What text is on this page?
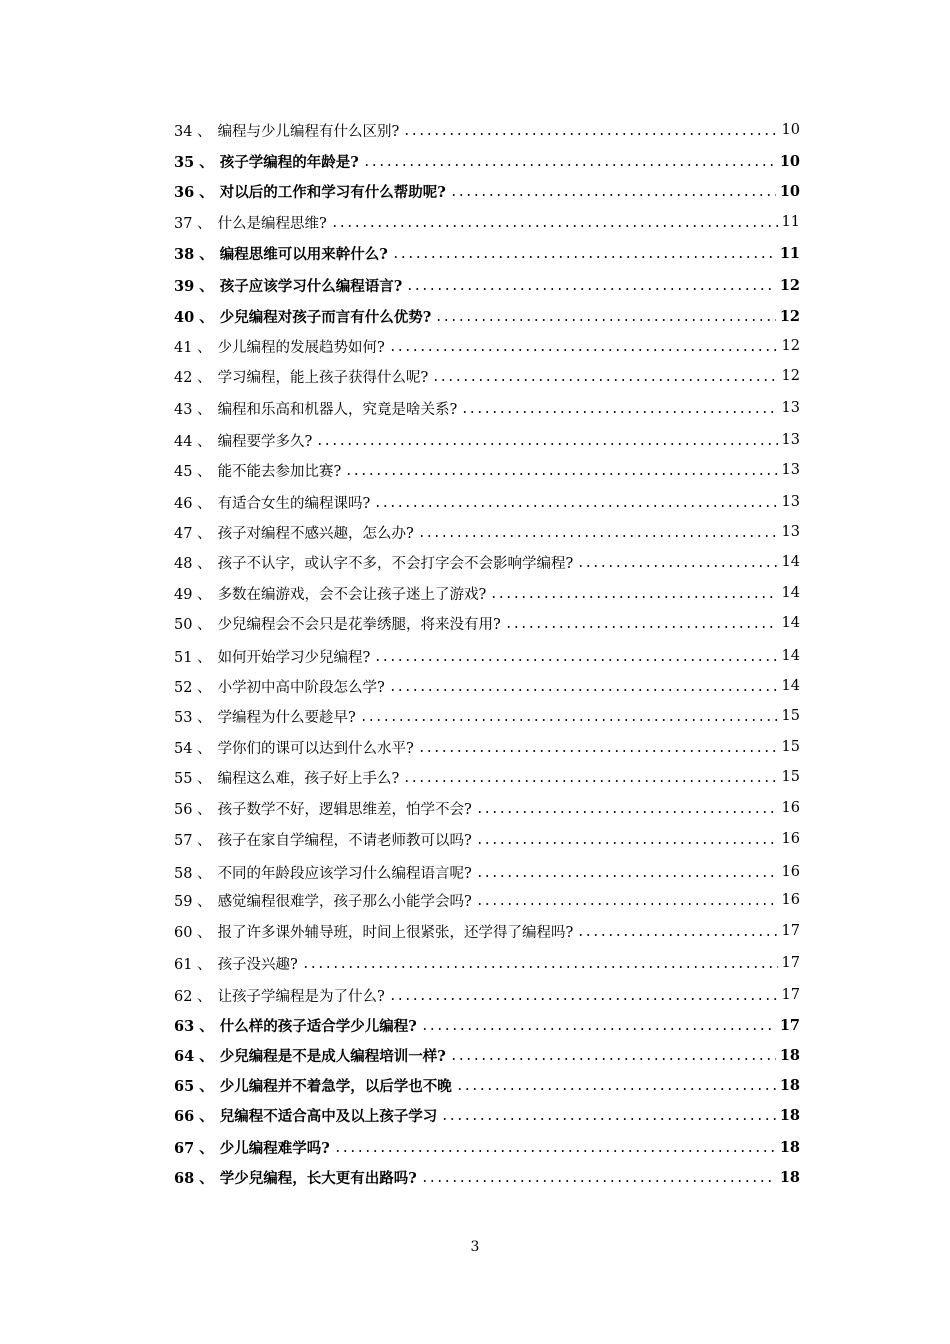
34 、 编程与少儿编程有什么区别?	10
35 、 孩子学编程的年龄是?	10
36 、 对以后的工作和学习有什么帮助呢?	10
37 、 什么是编程思维?	11
38 、 编程思维可以用来幹什么?	11
39 、 孩子应该学习什么编程语言?	12
40 、 少兒编程对孩子而言有什么优势?	12
41 、 少儿编程的发展趋势如何?	12
42 、 学习编程，能上孩子获得什么呢?	12
43 、 编程和乐高和机器人，究竟是啥关系?	13
44 、 编程要学多久?	13
45 、 能不能去参加比赛?	13
46 、 有适合女生的编程课吗?	13
47 、 孩子对编程不感兴趣，怎么办?	13
48 、 孩子不认字，或认字不多，不会打字会不会影响学编程?	14
49 、 多数在编游戏，会不会让孩子迷上了游戏?	14
50 、 少兒编程会不会只是花拳绣腿，将来没有用?	14
51 、 如何开始学习少兒编程?	14
52 、 小学初中高中阶段怎么学?	14
53 、 学编程为什么要趁早?	15
54 、 学你们的课可以达到什么水平?	15
55 、 编程这么难，孩子好上手么?	15
56 、 孩子数学不好，逻辑思维差，怕学不会?	16
57 、 孩子在家自学编程，不请老师教可以吗?	16
58 、 不同的年龄段应该学习什么编程语言呢?	16
59 、 感觉编程很难学，孩子那么小能学会吗?	16
60 、 报了许多课外辅导班，时间上很紧张，还学得了编程吗?	17
61 、 孩子没兴趣?	17
62 、 让孩子学编程是为了什么?	17
63 、 什么样的孩子适合学少儿编程?	17
64 、 少兒编程是不是成人编程培训一样?	18
65 、 少儿编程并不着急学，以后学也不晚	18
66 、 兒编程不适合高中及以上孩子学习	18
67 、 少儿编程难学吗?	18
68 、 学少兒编程，长大更有出路吗?	18
3
